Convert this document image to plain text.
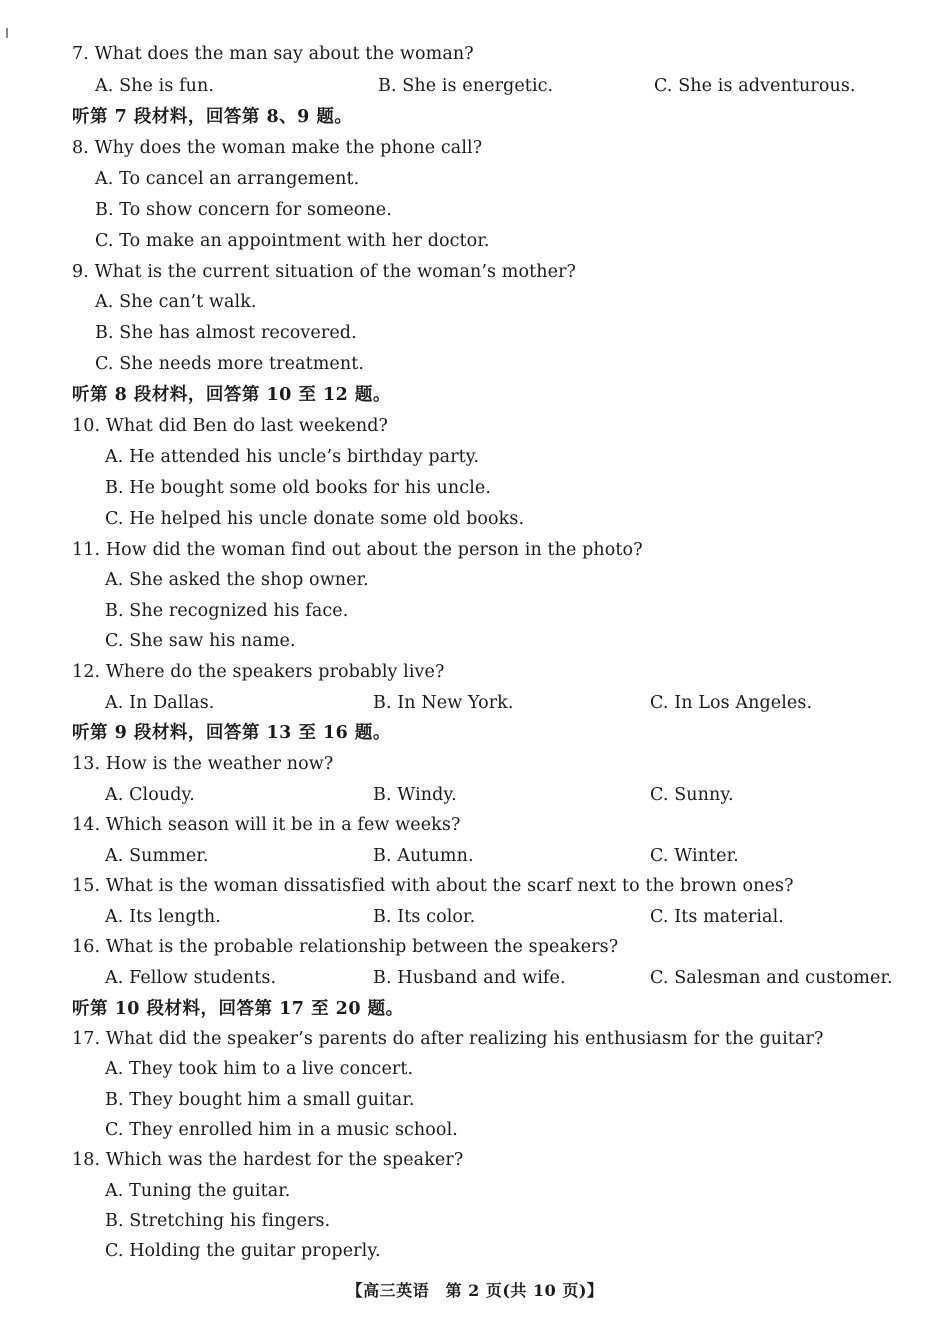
7. What does the man say about the woman?
A. She is fun.	B. She is energetic.	C. She is adventurous.
听第 7 段材料，回答第 8、9 题。
8. Why does the woman make the phone call?
A. To cancel an arrangement.
B. To show concern for someone.
C. To make an appointment with her doctor.
9. What is the current situation of the woman’s mother?
A. She can’t walk.
B. She has almost recovered.
C. She needs more treatment.
听第 8 段材料，回答第 10 至 12 题。
10. What did Ben do last weekend?
A. He attended his uncle’s birthday party.
B. He bought some old books for his uncle.
C. He helped his uncle donate some old books.
11. How did the woman find out about the person in the photo?
A. She asked the shop owner.
B. She recognized his face.
C. She saw his name.
12. Where do the speakers probably live?
A. In Dallas.	B. In New York.	C. In Los Angeles.
听第 9 段材料，回答第 13 至 16 题。
13. How is the weather now?
A. Cloudy.	B. Windy.	C. Sunny.
14. Which season will it be in a few weeks?
A. Summer.	B. Autumn.	C. Winter.
15. What is the woman dissatisfied with about the scarf next to the brown ones?
A. Its length.	B. Its color.	C. Its material.
16. What is the probable relationship between the speakers?
A. Fellow students.	B. Husband and wife.	C. Salesman and customer.
听第 10 段材料，回答第 17 至 20 题。
17. What did the speaker’s parents do after realizing his enthusiasm for the guitar?
A. They took him to a live concert.
B. They bought him a small guitar.
C. They enrolled him in a music school.
18. Which was the hardest for the speaker?
A. Tuning the guitar.
B. Stretching his fingers.
C. Holding the guitar properly.
【高三英语　第 2 页(共 10 页)】
